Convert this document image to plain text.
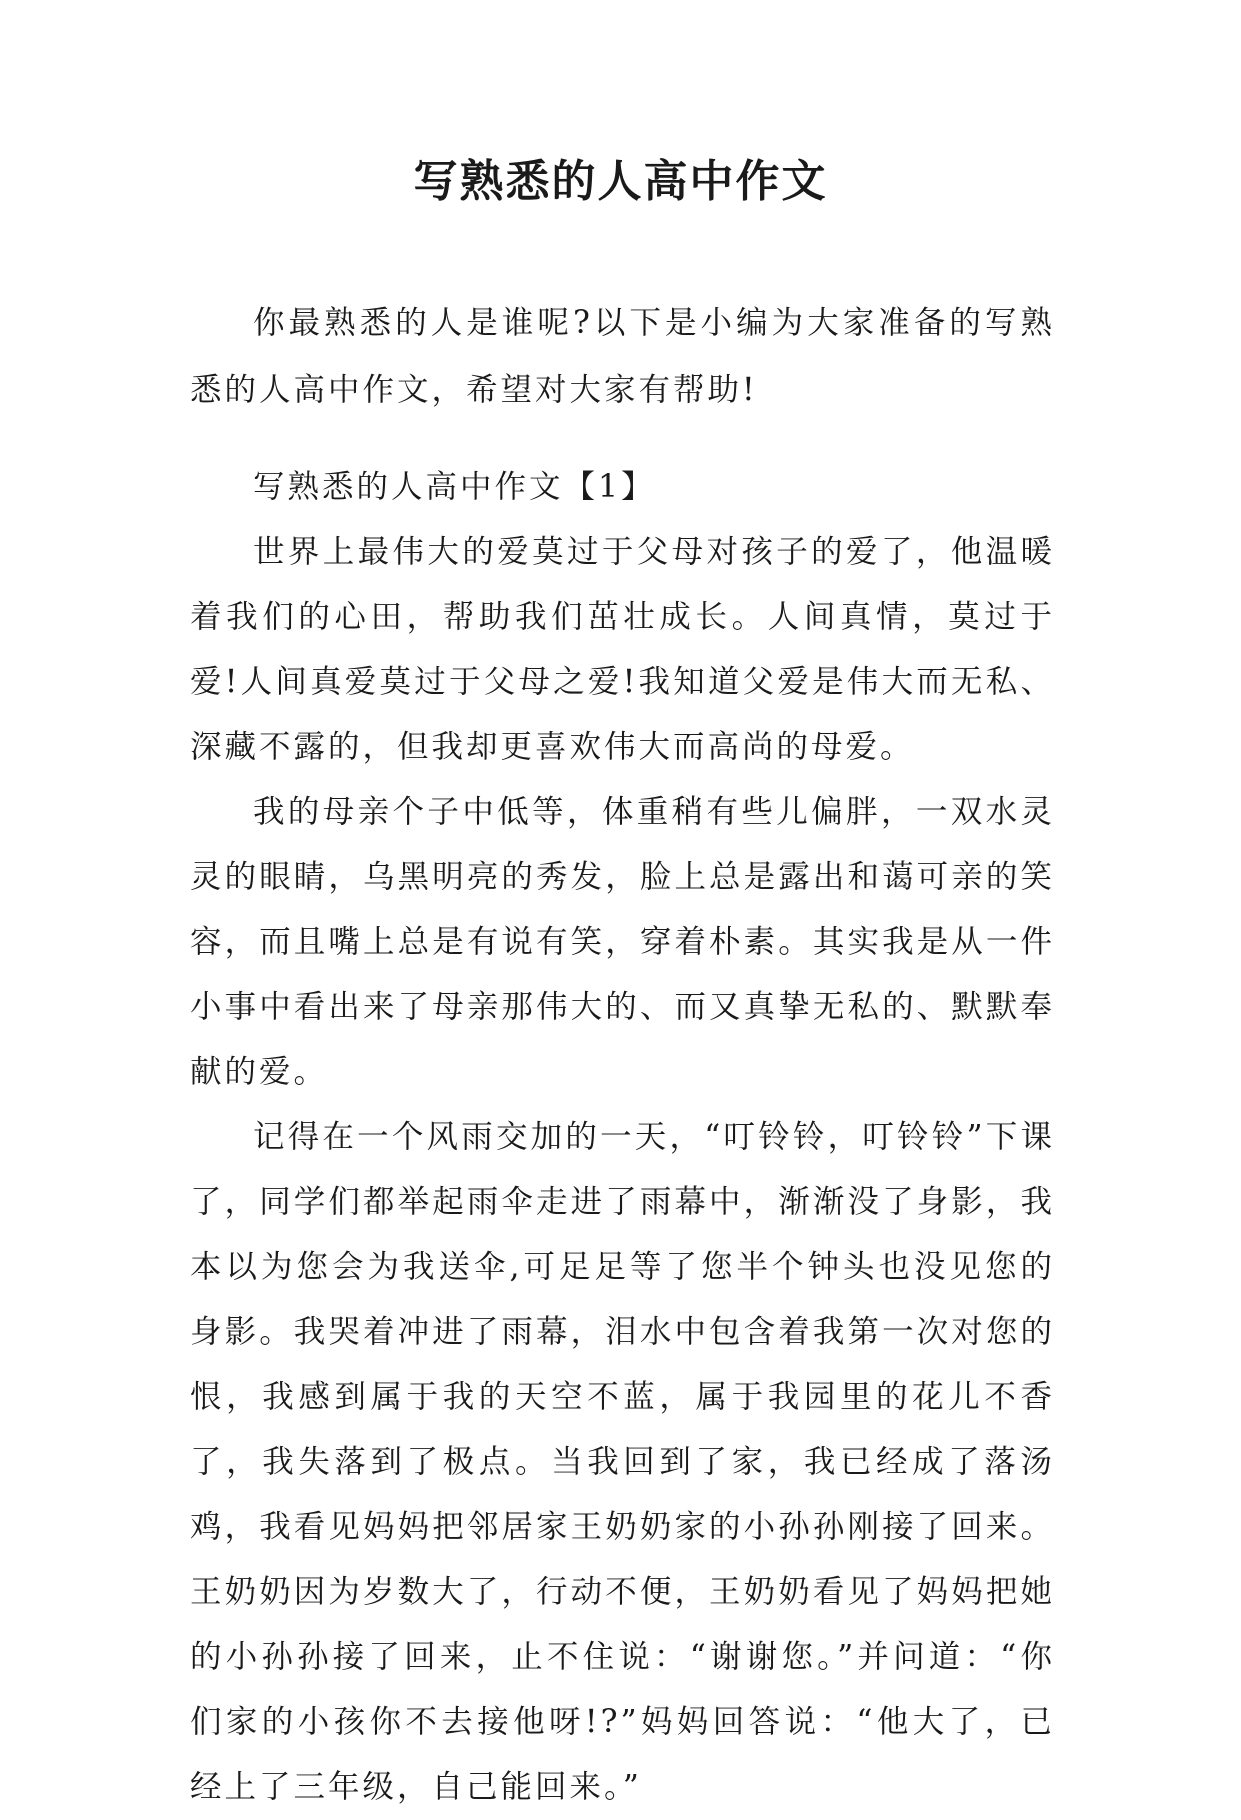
写熟悉的人高中作文

你最熟悉的人是谁呢?以下是小编为大家准备的写熟悉的人高中作文，希望对大家有帮助!

写熟悉的人高中作文【1】

世界上最伟大的爱莫过于父母对孩子的爱了，他温暖着我们的心田，帮助我们茁壮成长。人间真情，莫过于爱!人间真爱莫过于父母之爱!我知道父爱是伟大而无私、深藏不露的，但我却更喜欢伟大而高尚的母爱。

我的母亲个子中低等，体重稍有些儿偏胖，一双水灵灵的眼睛，乌黑明亮的秀发，脸上总是露出和蔼可亲的笑容，而且嘴上总是有说有笑，穿着朴素。其实我是从一件小事中看出来了母亲那伟大的、而又真挚无私的、默默奉献的爱。

记得在一个风雨交加的一天，“叮铃铃，叮铃铃”下课了，同学们都举起雨伞走进了雨幕中，渐渐没了身影，我本以为您会为我送伞,可足足等了您半个钟头也没见您的身影。我哭着冲进了雨幕，泪水中包含着我第一次对您的恨，我感到属于我的天空不蓝，属于我园里的花儿不香了，我失落到了极点。当我回到了家，我已经成了落汤鸡，我看见妈妈把邻居家王奶奶家的小孙孙刚接了回来。王奶奶因为岁数大了，行动不便，王奶奶看见了妈妈把她的小孙孙接了回来，止不住说：“谢谢您。”并问道：“你们家的小孩你不去接他呀!?”妈妈回答说：“他大了，已经上了三年级，自己能回来。”
